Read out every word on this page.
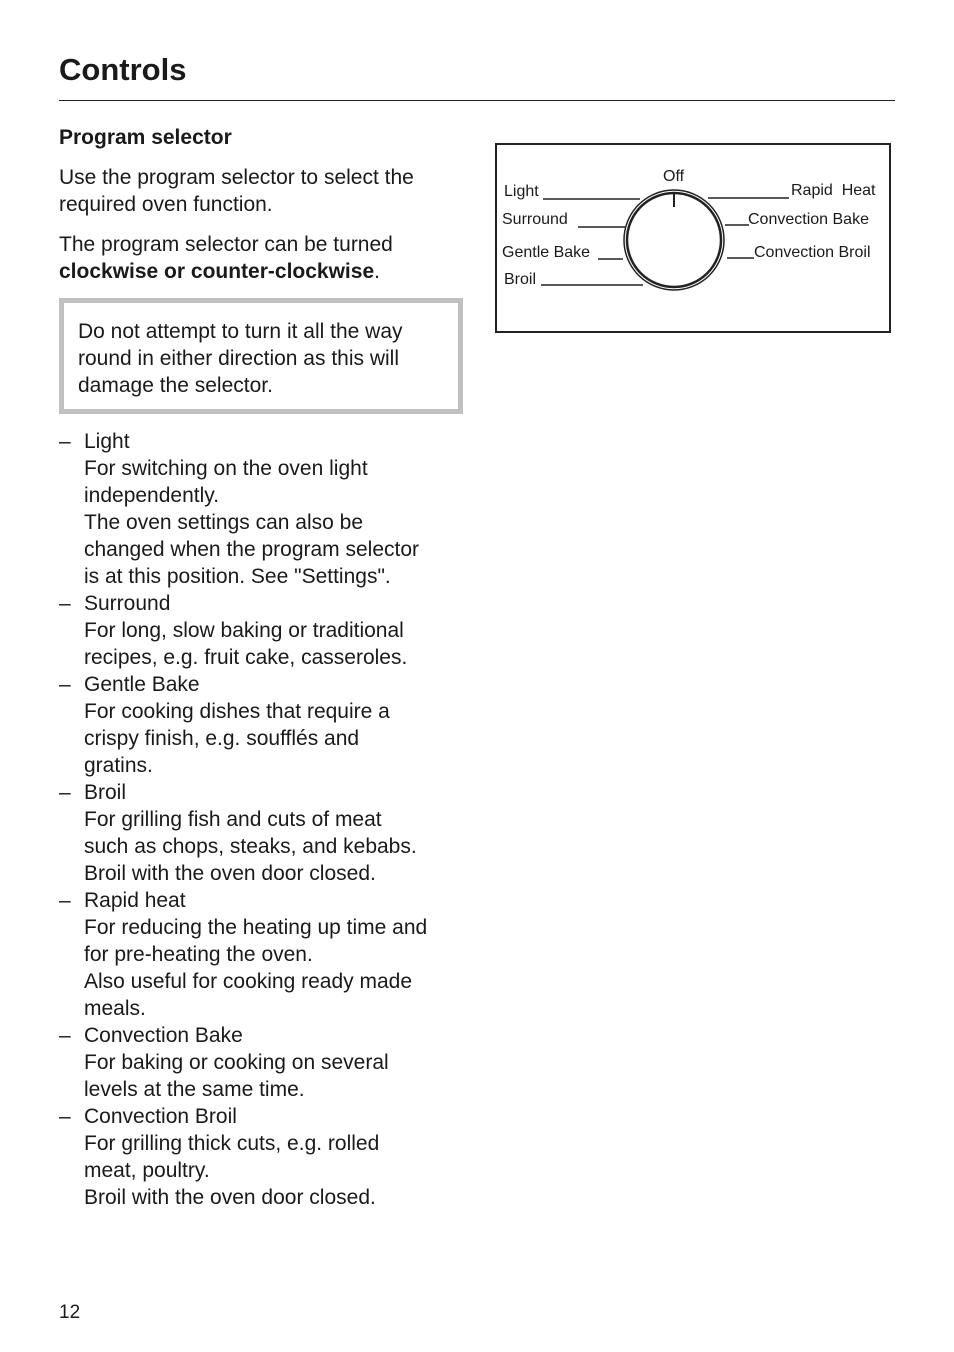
Controls
Program selector

Use the program selector to select the required oven function.

The program selector can be turned clockwise or counter-clockwise.

Do not attempt to turn it all the way round in either direction as this will damage the selector.

– Light
For switching on the oven light
independently.
The oven settings can also be
changed when the program selector
is at this position. See "Settings".
– Surround
For long, slow baking or traditional
recipes, e.g. fruit cake, casseroles.
– Gentle Bake
For cooking dishes that require a
crispy finish, e.g. soufflés and
gratins.
– Broil
For grilling fish and cuts of meat
such as chops, steaks, and kebabs.
Broil with the oven door closed.
– Rapid heat
For reducing the heating up time and
for pre-heating the oven.
Also useful for cooking ready made
meals.
– Convection Bake
For baking or cooking on several
levels at the same time.
– Convection Broil
For grilling thick cuts, e.g. rolled
meat, poultry.
Broil with the oven door closed.
Off
Light
Surround
Gentle Bake
Broil
Rapid  Heat
Convection Bake
Convection Broil
12
